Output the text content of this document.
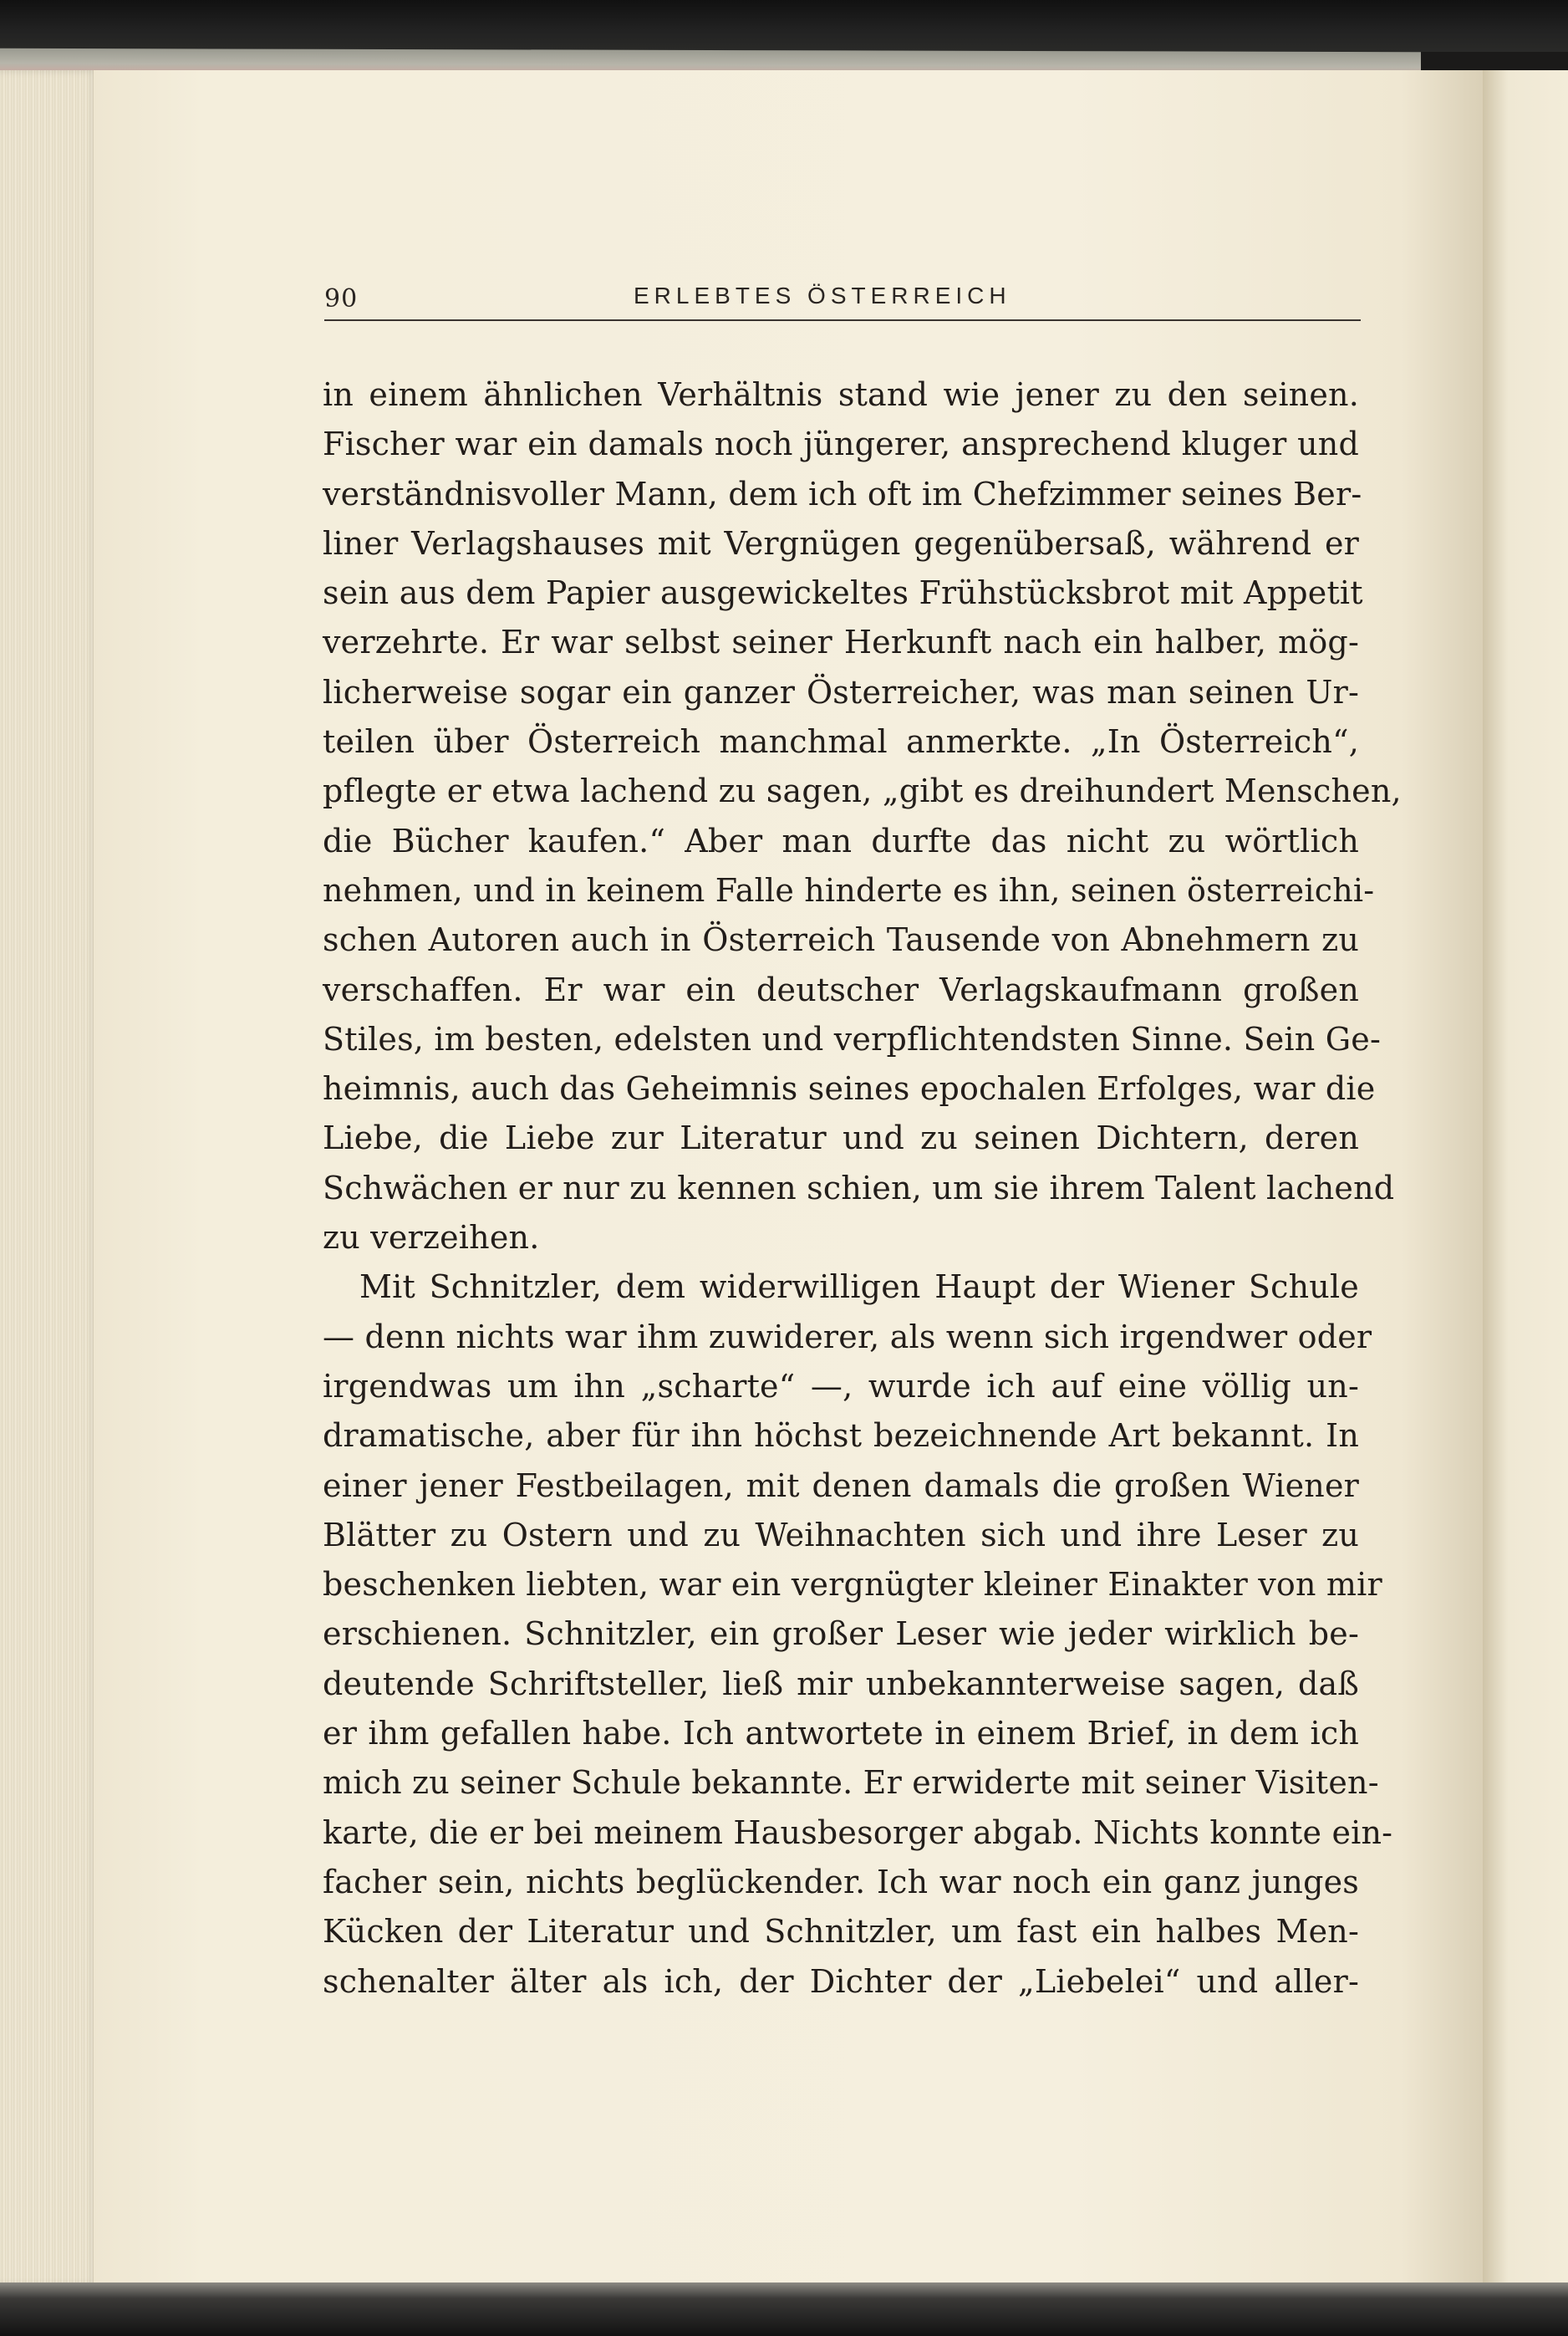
90	ERLEBTES ÖSTERREICH
in einem ähnlichen Verhältnis stand wie jener zu den seinen.
Fischer war ein damals noch jüngerer, ansprechend kluger und
verständnisvoller Mann, dem ich oft im Chefzimmer seines Ber-
liner Verlagshauses mit Vergnügen gegenübersaß, während er
sein aus dem Papier ausgewickeltes Frühstücksbrot mit Appetit
verzehrte. Er war selbst seiner Herkunft nach ein halber, mög-
licherweise sogar ein ganzer Österreicher, was man seinen Ur-
teilen über Österreich manchmal anmerkte. „In Österreich“,
pflegte er etwa lachend zu sagen, „gibt es dreihundert Menschen,
die Bücher kaufen.“ Aber man durfte das nicht zu wörtlich
nehmen, und in keinem Falle hinderte es ihn, seinen österreichi-
schen Autoren auch in Österreich Tausende von Abnehmern zu
verschaffen. Er war ein deutscher Verlagskaufmann großen
Stiles, im besten, edelsten und verpflichtendsten Sinne. Sein Ge-
heimnis, auch das Geheimnis seines epochalen Erfolges, war die
Liebe, die Liebe zur Literatur und zu seinen Dichtern, deren
Schwächen er nur zu kennen schien, um sie ihrem Talent lachend
zu verzeihen.
Mit Schnitzler, dem widerwilligen Haupt der Wiener Schule
— denn nichts war ihm zuwiderer, als wenn sich irgendwer oder
irgendwas um ihn „scharte“ —, wurde ich auf eine völlig un-
dramatische, aber für ihn höchst bezeichnende Art bekannt. In
einer jener Festbeilagen, mit denen damals die großen Wiener
Blätter zu Ostern und zu Weihnachten sich und ihre Leser zu
beschenken liebten, war ein vergnügter kleiner Einakter von mir
erschienen. Schnitzler, ein großer Leser wie jeder wirklich be-
deutende Schriftsteller, ließ mir unbekannterweise sagen, daß
er ihm gefallen habe. Ich antwortete in einem Brief, in dem ich
mich zu seiner Schule bekannte. Er erwiderte mit seiner Visiten-
karte, die er bei meinem Hausbesorger abgab. Nichts konnte ein-
facher sein, nichts beglückender. Ich war noch ein ganz junges
Kücken der Literatur und Schnitzler, um fast ein halbes Men-
schenalter älter als ich, der Dichter der „Liebelei“ und aller-
